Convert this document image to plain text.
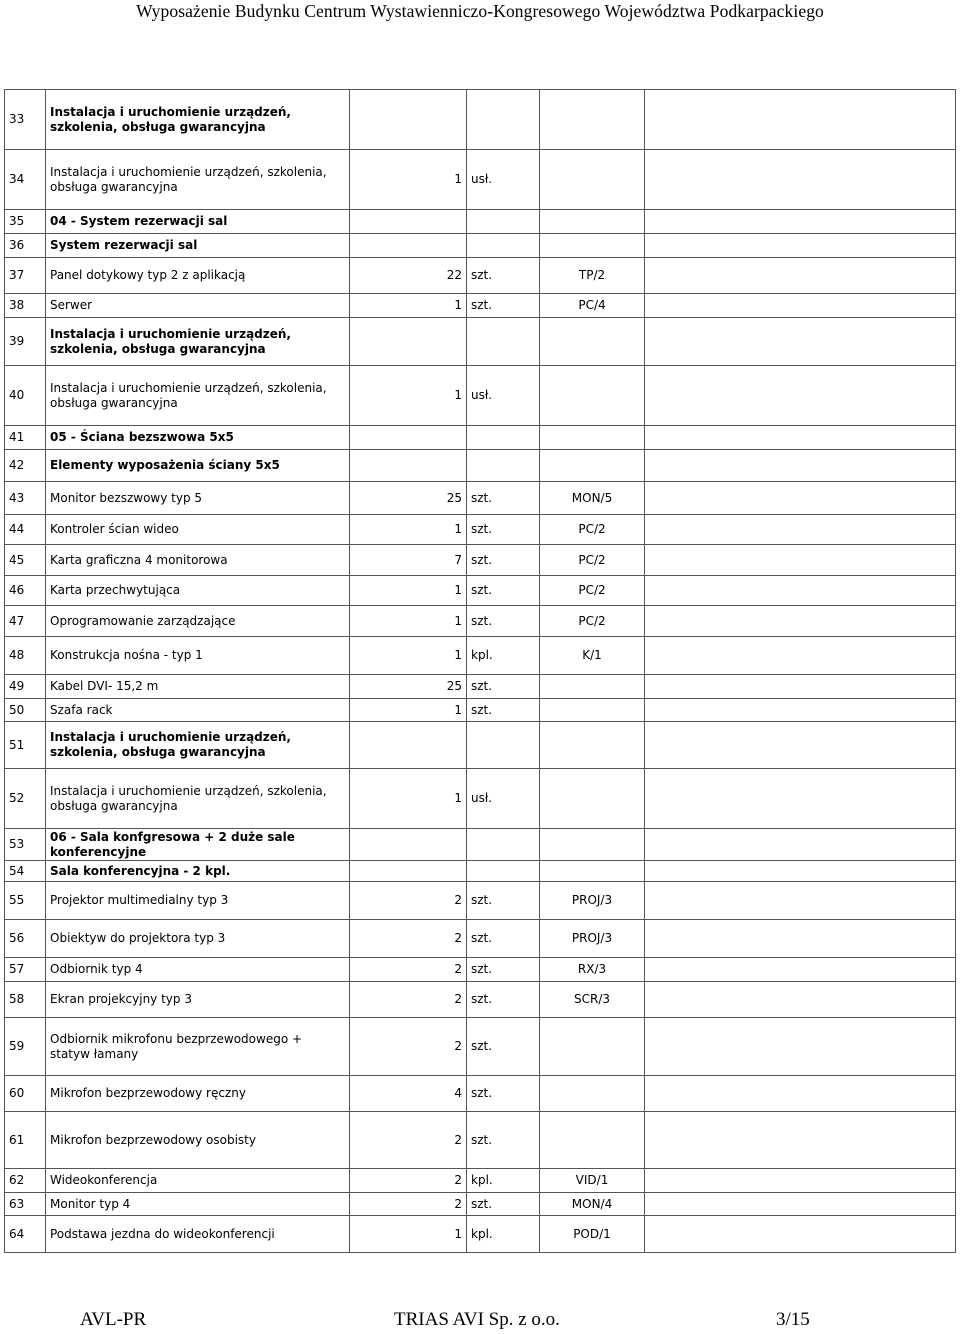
Wyposażenie Budynku Centrum Wystawienniczo-Kongresowego Województwa Podkarpackiego
33	Instalacja i uruchomienie urządzeń, szkolenia, obsługa gwarancyjna				
34	Instalacja i uruchomienie urządzeń, szkolenia, obsługa gwarancyjna	1	usł.		
35	04 - System rezerwacji sal				
36	System rezerwacji sal				
37	Panel dotykowy typ 2 z aplikacją	22	szt.	TP/2	
38	Serwer	1	szt.	PC/4	
39	Instalacja i uruchomienie urządzeń, szkolenia, obsługa gwarancyjna				
40	Instalacja i uruchomienie urządzeń, szkolenia, obsługa gwarancyjna	1	usł.		
41	05 - Ściana bezszwowa 5x5				
42	Elementy wyposażenia ściany 5x5				
43	Monitor bezszwowy typ 5	25	szt.	MON/5	
44	Kontroler ścian wideo	1	szt.	PC/2	
45	Karta graficzna 4 monitorowa	7	szt.	PC/2	
46	Karta przechwytująca	1	szt.	PC/2	
47	Oprogramowanie zarządzające	1	szt.	PC/2	
48	Konstrukcja nośna - typ 1	1	kpl.	K/1	
49	Kabel DVI- 15,2 m	25	szt.		
50	Szafa rack	1	szt.		
51	Instalacja i uruchomienie urządzeń, szkolenia, obsługa gwarancyjna				
52	Instalacja i uruchomienie urządzeń, szkolenia, obsługa gwarancyjna	1	usł.		
53	06 - Sala konfgresowa + 2 duże sale konferencyjne				
54	Sala konferencyjna - 2 kpl.				
55	Projektor multimedialny typ 3	2	szt.	PROJ/3	
56	Obiektyw do projektora typ 3	2	szt.	PROJ/3	
57	Odbiornik typ 4	2	szt.	RX/3	
58	Ekran projekcyjny typ 3	2	szt.	SCR/3	
59	Odbiornik mikrofonu bezprzewodowego + statyw łamany	2	szt.		
60	Mikrofon bezprzewodowy ręczny	4	szt.		
61	Mikrofon bezprzewodowy osobisty	2	szt.		
62	Wideokonferencja	2	kpl.	VID/1	
63	Monitor typ 4	2	szt.	MON/4	
64	Podstawa jezdna do wideokonferencji	1	kpl.	POD/1	
AVL-PR	TRIAS AVI Sp. z o.o.	3/15
